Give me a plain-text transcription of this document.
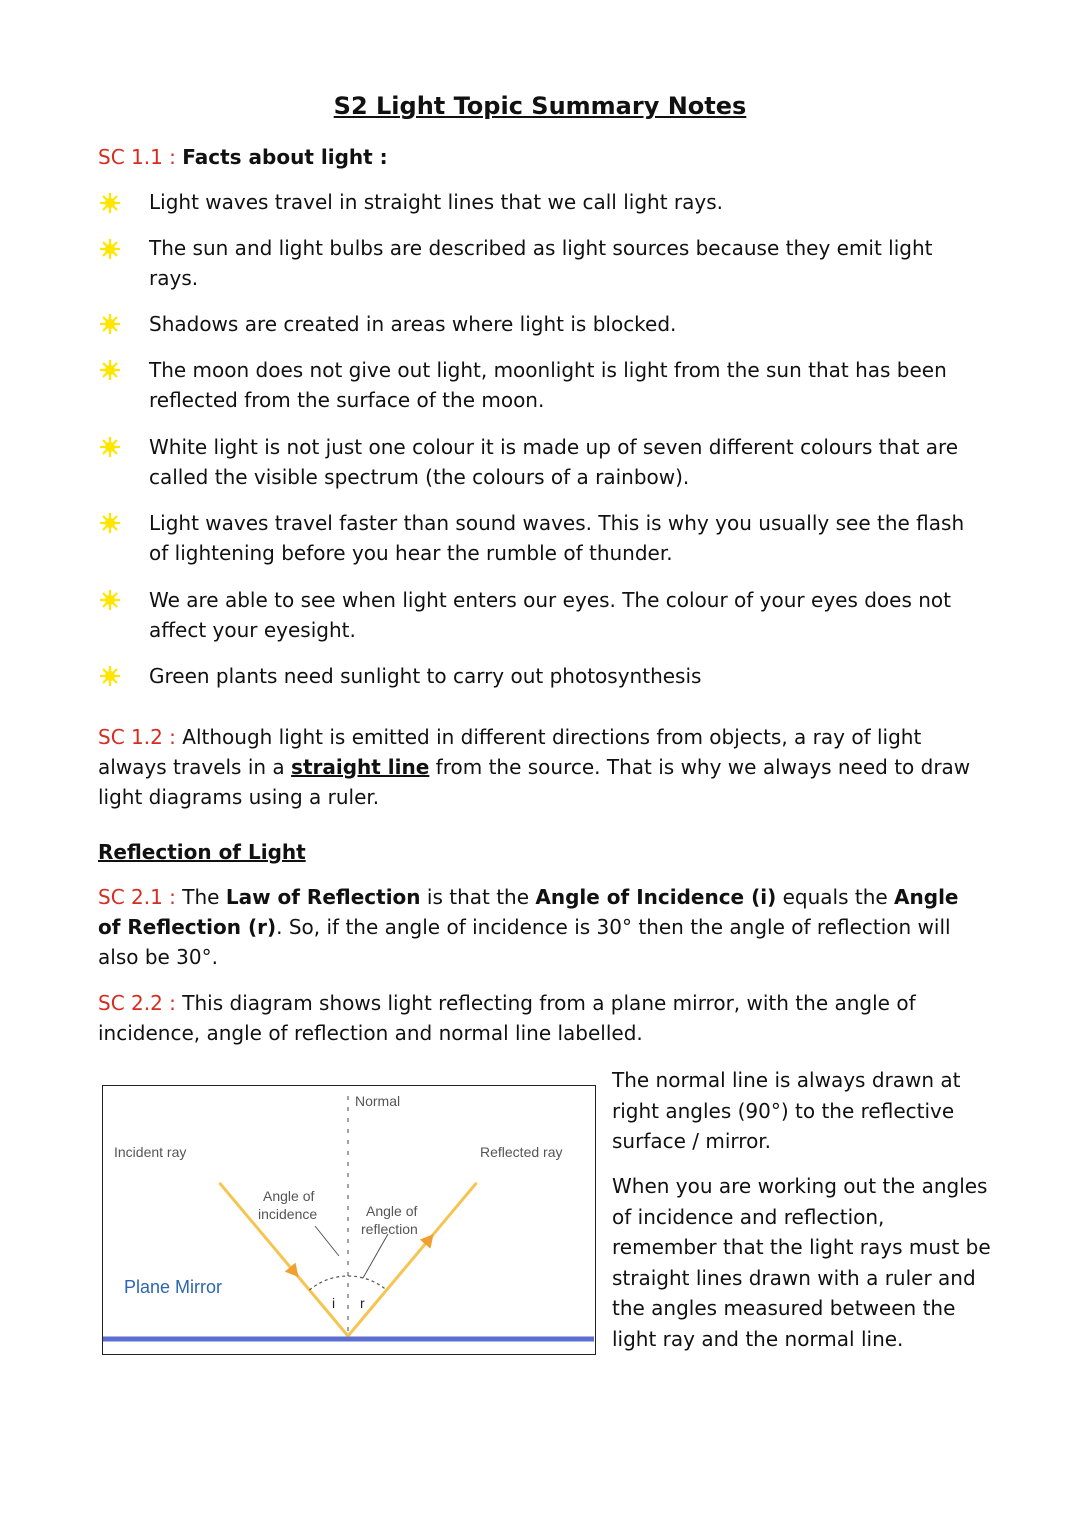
S2 Light Topic Summary Notes
SC 1.1 : Facts about light :
Light waves travel in straight lines that we call light rays.
The sun and light bulbs are described as light sources because they emit light rays.
Shadows are created in areas where light is blocked.
The moon does not give out light, moonlight is light from the sun that has been reflected from the surface of the moon.
White light is not just one colour it is made up of seven different colours that are called the visible spectrum (the colours of a rainbow).
Light waves travel faster than sound waves. This is why you usually see the flash of lightening before you hear the rumble of thunder.
We are able to see when light enters our eyes. The colour of your eyes does not affect your eyesight.
Green plants need sunlight to carry out photosynthesis
SC 1.2 : Although light is emitted in different directions from objects, a ray of light always travels in a straight line from the source. That is why we always need to draw light diagrams using a ruler.
Reflection of Light
SC 2.1 : The Law of Reflection is that the Angle of Incidence (i) equals the Angle of Reflection (r). So, if the angle of incidence is 30° then the angle of reflection will also be 30°.
SC 2.2 : This diagram shows light reflecting from a plane mirror, with the angle of incidence, angle of reflection and normal line labelled.
Normal
Incident ray	Reflected ray
Angle of
incidence	Angle of
reflection
i r
Plane Mirror
The normal line is always drawn at right angles (90°) to the reflective surface / mirror.
When you are working out the angles of incidence and reflection, remember that the light rays must be straight lines drawn with a ruler and the angles measured between the light ray and the normal line.
